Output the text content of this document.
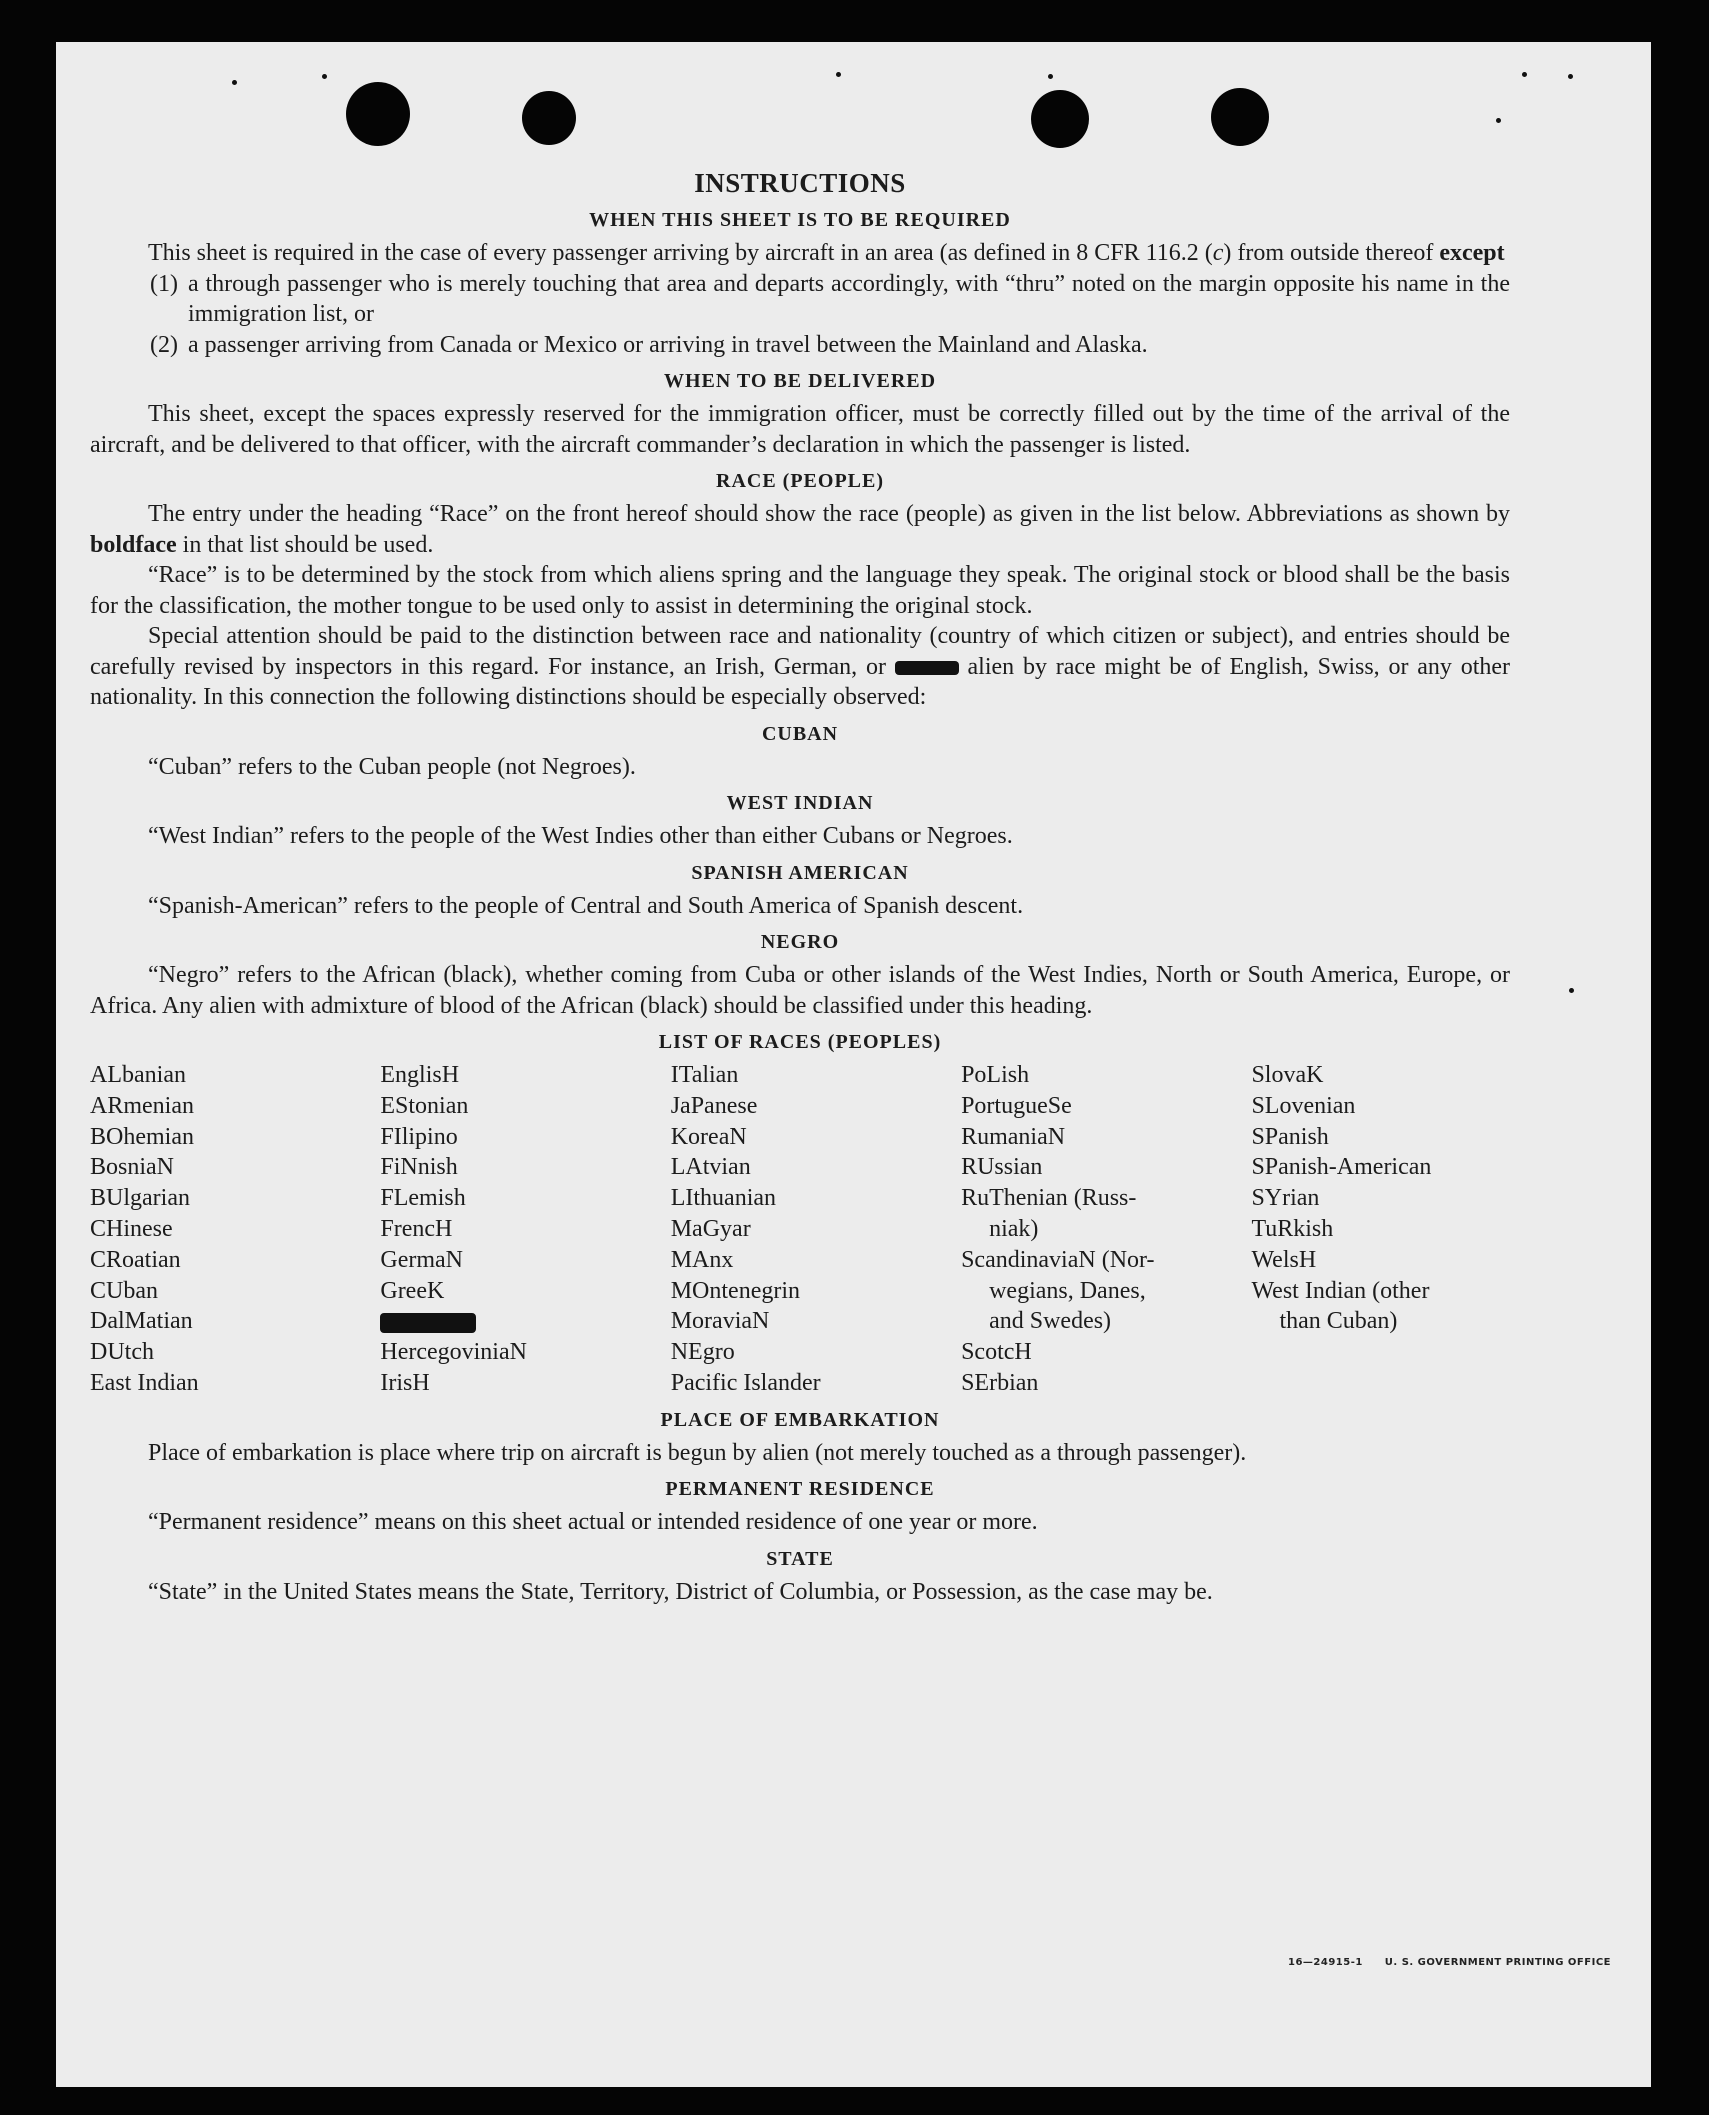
INSTRUCTIONS
WHEN THIS SHEET IS TO BE REQUIRED

This sheet is required in the case of every passenger arriving by aircraft in an area (as defined in 8 CFR 116.2 (c) from outside thereof except

(1) a through passenger who is merely touching that area and departs accordingly, with “thru” noted on the margin opposite his name in the immigration list, or
(2) a passenger arriving from Canada or Mexico or arriving in travel between the Mainland and Alaska.
WHEN TO BE DELIVERED

This sheet, except the spaces expressly reserved for the immigration officer, must be correctly filled out by the time of the arrival of the aircraft, and be delivered to that officer, with the aircraft commander’s declaration in which the passenger is listed.

RACE (PEOPLE)

The entry under the heading “Race” on the front hereof should show the race (people) as given in the list below. Abbreviations as shown by boldface in that list should be used.

“Race” is to be determined by the stock from which aliens spring and the language they speak. The original stock or blood shall be the basis for the classification, the mother tongue to be used only to assist in determining the original stock.

Special attention should be paid to the distinction between race and nationality (country of which citizen or subject), and entries should be carefully revised by inspectors in this regard. For instance, an Irish, German, or	alien by race might be of English, Swiss, or any other nationality. In this connection the following distinctions should be especially observed:

CUBAN

“Cuban” refers to the Cuban people (not Negroes).

WEST INDIAN

“West Indian” refers to the people of the West Indies other than either Cubans or Negroes.

SPANISH AMERICAN

“Spanish-American” refers to the people of Central and South America of Spanish descent.

NEGRO

“Negro” refers to the African (black), whether coming from Cuba or other islands of the West Indies, North or South America, Europe, or Africa. Any alien with admixture of blood of the African (black) should be classified under this heading.

LIST OF RACES (PEOPLES)
ALbanian
ARmenian
BOhemian
BosniaN
BUlgarian
CHinese
CRoatian
CUban
DalMatian
DUtch
East Indian
EnglisH
EStonian
FIlipino
FiNnish
FLemish
FrencH
GermaN
GreeK
HercegoviniaN
IrisH
ITalian
JaPanese
KoreaN
LAtvian
LIthuanian
MaGyar
MAnx
MOntenegrin
MoraviaN
NEgro
Pacific Islander
PoLish
PortugueSe
RumaniaN
RUssian
RuThenian (Russ-
niak)
ScandinaviaN (Nor-
wegians, Danes,
and Swedes)
ScotcH
SErbian
SlovaK
SLovenian
SPanish
SPanish-American
SYrian
TuRkish
WelsH
West Indian (other
than Cuban)
PLACE OF EMBARKATION

Place of embarkation is place where trip on aircraft is begun by alien (not merely touched as a through passenger).

PERMANENT RESIDENCE

“Permanent residence” means on this sheet actual or intended residence of one year or more.

STATE

“State” in the United States means the State, Territory, District of Columbia, or Possession, as the case may be.

16—24915-1 U. S. GOVERNMENT PRINTING OFFICE
